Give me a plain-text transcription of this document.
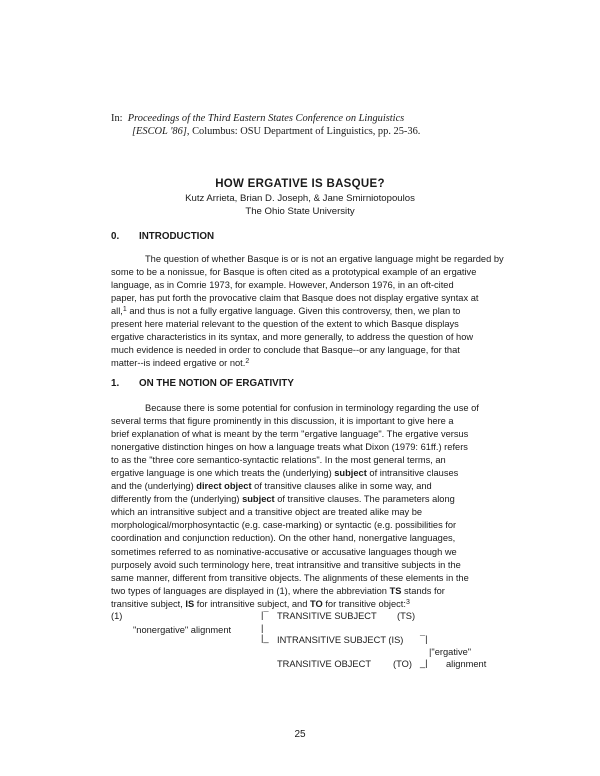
In: Proceedings of the Third Eastern States Conference on Linguistics
[ESCOL '86], Columbus: OSU Department of Linguistics, pp. 25-36.
HOW ERGATIVE IS BASQUE?
Kutz Arrieta, Brian D. Joseph, & Jane Smirniotopoulos
The Ohio State University
0. INTRODUCTION
The question of whether Basque is or is not an ergative language might be regarded by
some to be a nonissue, for Basque is often cited as a prototypical example of an ergative
language, as in Comrie 1973, for example. However, Anderson 1976, in an oft-cited
paper, has put forth the provocative claim that Basque does not display ergative syntax at
all,$^1$ and thus is not a fully ergative language. Given this controversy, then, we plan to
present here material relevant to the question of the extent to which Basque displays
ergative characteristics in its syntax, and more generally, to address the question of how
much evidence is needed in order to conclude that Basque--or any language, for that
matter--is indeed ergative or not.$^2$
1. ON THE NOTION OF ERGATIVITY
Because there is some potential for confusion in terminology regarding the use of
several terms that figure prominently in this discussion, it is important to give here a
brief explanation of what is meant by the term "ergative language". The ergative versus
nonergative distinction hinges on how a language treats what Dixon (1979: 61ff.) refers
to as the "three core semantico-syntactic relations". In the most general terms, an
ergative language is one which treats the (underlying) subject of intransitive clauses
and the (underlying) direct object of transitive clauses alike in some way, and
differently from the (underlying) subject of transitive clauses. The parameters along
which an intransitive subject and a transitive object are treated alike may be
morphological/morphosyntactic (e.g. case-marking) or syntactic (e.g. possibilities for
coordination and conjunction reduction). On the other hand, nonergative languages,
sometimes referred to as nominative-accusative or accusative languages though we
purposely avoid such terminology here, treat intransitive and transitive subjects in the
same manner, different from transitive objects. The alignments of these elements in the
two types of languages are displayed in (1), where the abbreviation TS stands for
transitive subject, IS for intransitive subject, and TO for transitive object:$^3$
(1)
"nonergative" alignment
|¯ TRANSITIVE SUBJECT (TS)
|
|_ INTRANSITIVE SUBJECT (IS) ¯|
|"ergative"
TRANSITIVE OBJECT (TO) _| alignment
25
